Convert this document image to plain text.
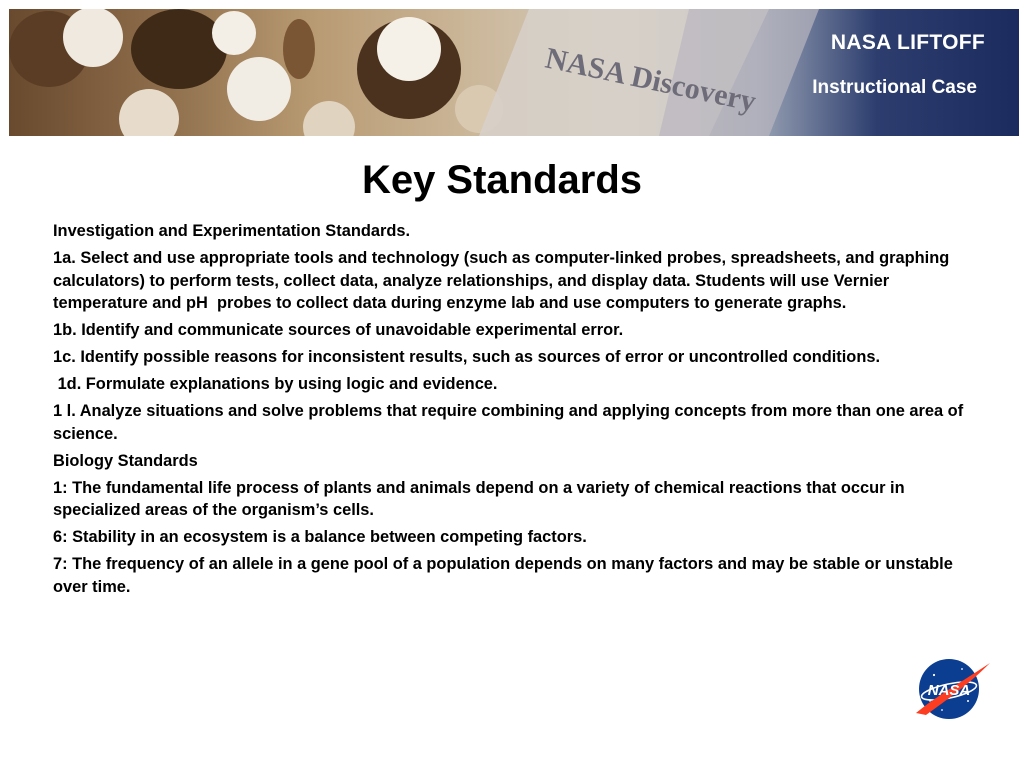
NASA Discovery	NASA LIFTOFF
Instructional Case
Key Standards

Investigation and Experimentation Standards.

1a. Select and use appropriate tools and technology (such as computer-linked probes, spreadsheets, and graphing calculators) to perform tests, collect data, analyze relationships, and display data. Students will use Vernier temperature and pH  probes to collect data during enzyme lab and use computers to generate graphs.

1b. Identify and communicate sources of unavoidable experimental error.

1c. Identify possible reasons for inconsistent results, such as sources of error or uncontrolled conditions.

1d. Formulate explanations by using logic and evidence.

1 l. Analyze situations and solve problems that require combining and applying concepts from more than one area of science.

Biology Standards

1: The fundamental life process of plants and animals depend on a variety of chemical reactions that occur in specialized areas of the organism’s cells.

6: Stability in an ecosystem is a balance between competing factors.

7: The frequency of an allele in a gene pool of a population depends on many factors and may be stable or unstable over time.

NASA
